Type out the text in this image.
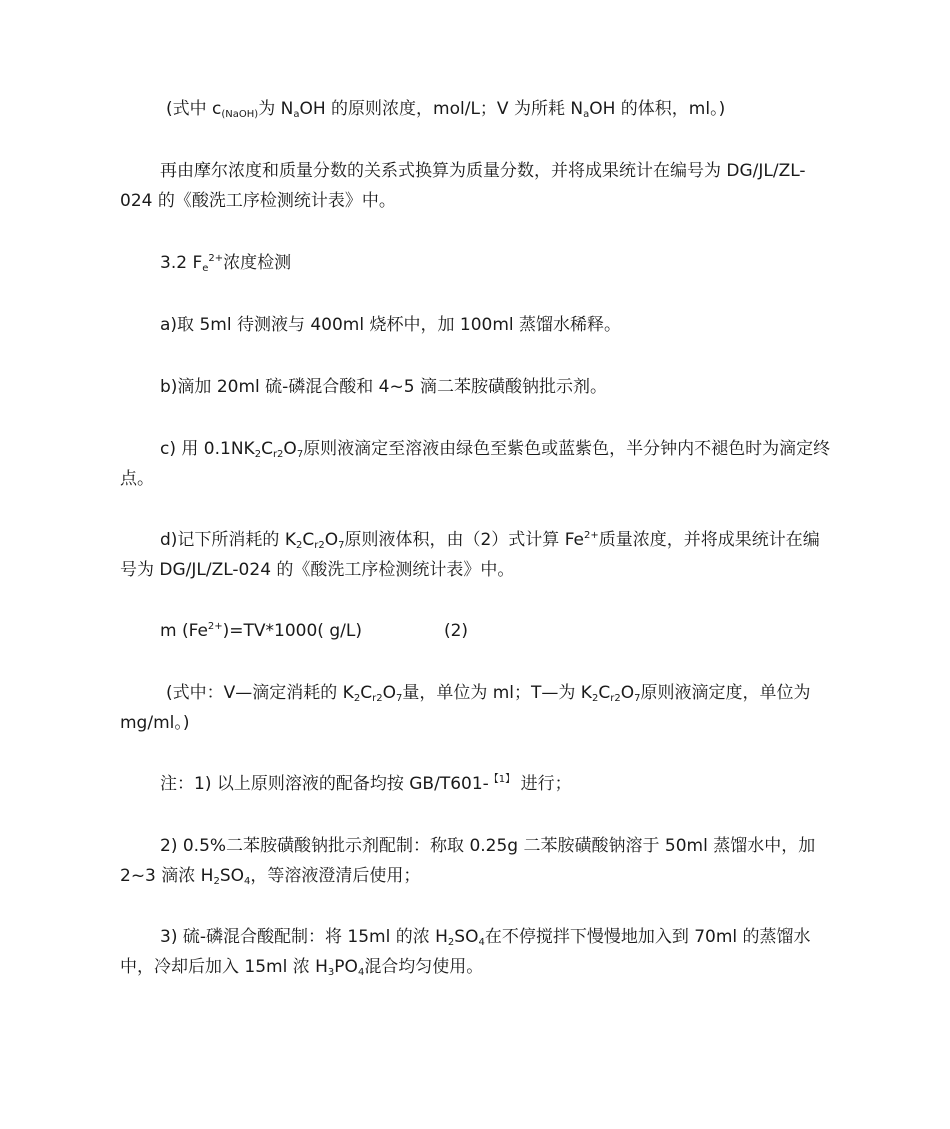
(式中 $c_{(NaOH)}$为 $N_aOH$ 的原则浓度，mol/L；V 为所耗 $N_aOH$ 的体积，ml。)
再由摩尔浓度和质量分数的关系式换算为质量分数，并将成果统计在编号为 DG/JL/ZL-024 的《酸洗工序检测统计表》中。
3.2 $F_e^{2+}$浓度检测
a)取 5ml 待测液与 400ml 烧杯中，加 100ml 蒸馏水稀释。
b)滴加 20ml 硫-磷混合酸和 4~5 滴二苯胺磺酸钠批示剂。
c) 用 $0.1NK_2C_{r2}O_7$原则液滴定至溶液由绿色至紫色或蓝紫色，半分钟内不褪色时为滴定终点。
d)记下所消耗的 $K_2C_{r2}O_7$原则液体积，由（2）式计算 $Fe^{2+}$质量浓度，并将成果统计在编号为 DG/JL/ZL-024 的《酸洗工序检测统计表》中。
m $(Fe^{2+})=TV*1000$( g/L)	(2)
(式中：V—滴定消耗的 $K_2C_{r2}O_7$量，单位为 ml；T—为 $K_2C_{r2}O_7$原则液滴定度，单位为 mg/ml。)
注：1) 以上原则溶液的配备均按 GB/T601-$^{【1】}$ 进行；
2) 0.5%二苯胺磺酸钠批示剂配制：称取 0.25g 二苯胺磺酸钠溶于 50ml 蒸馏水中，加 2~3 滴浓 $H_2SO_4$，等溶液澄清后使用；
3) 硫-磷混合酸配制：将 15ml 的浓 $H_2SO_4$在不停搅拌下慢慢地加入到 70ml 的蒸馏水中，冷却后加入 15ml 浓 $H_3PO_4$混合均匀使用。
